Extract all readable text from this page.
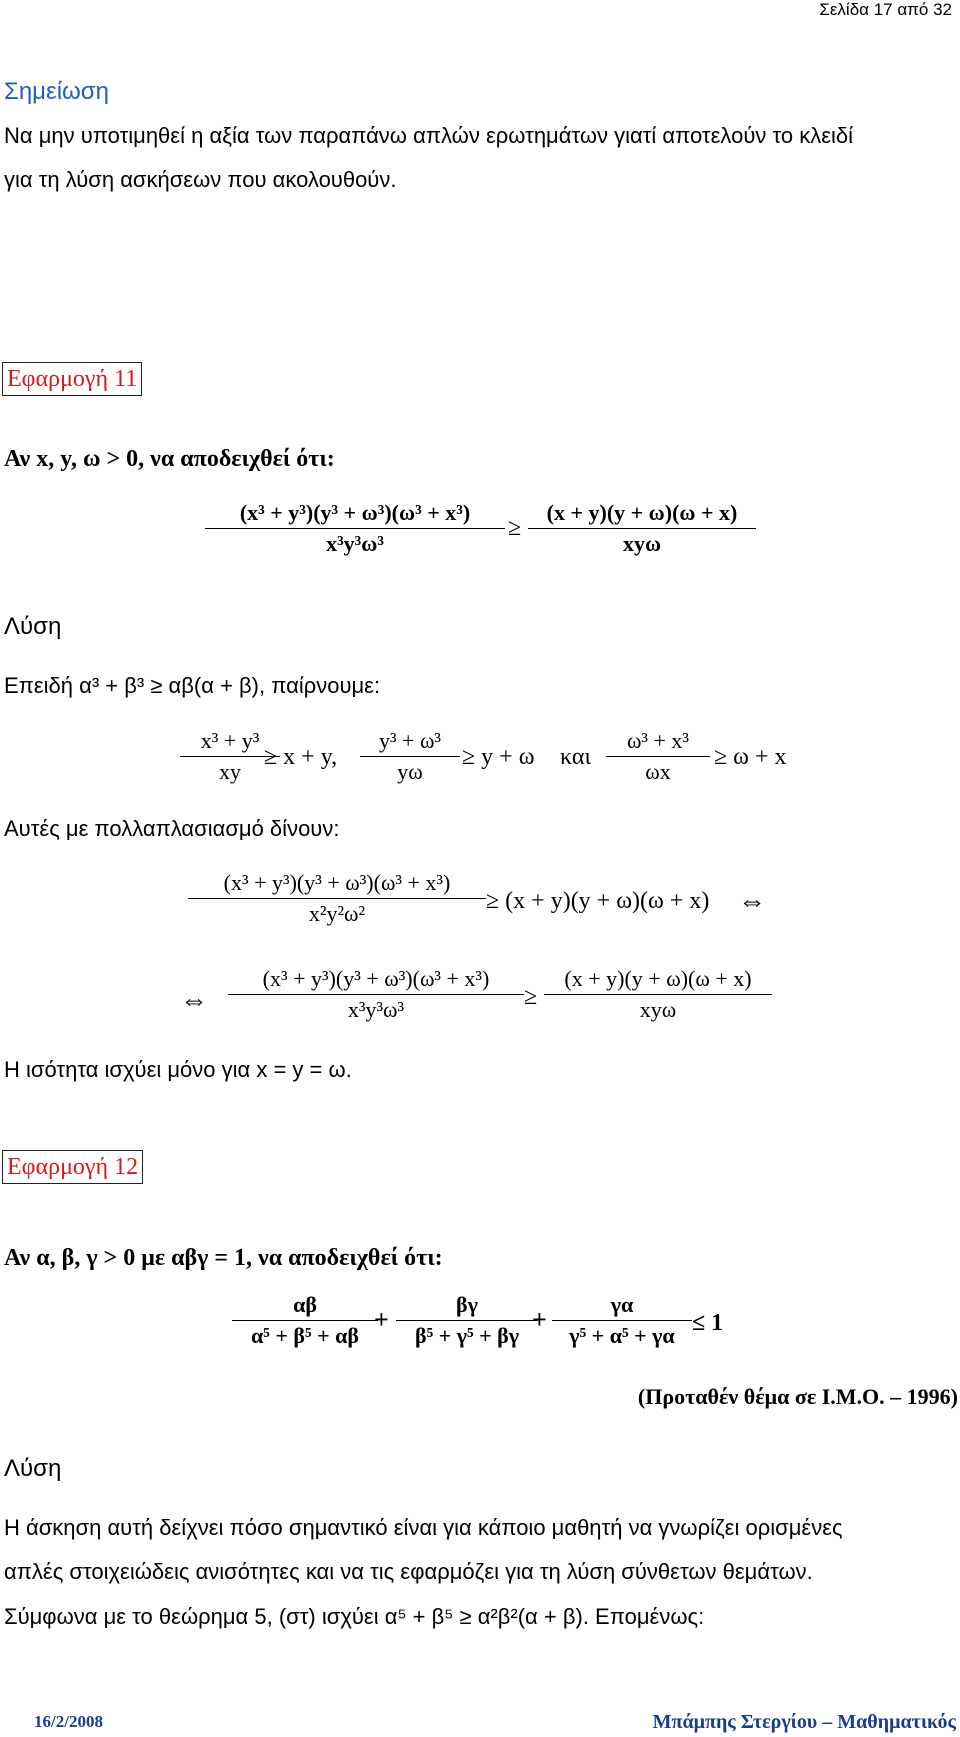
Σελίδα 17 από 32
Σημείωση
Να μην υποτιμηθεί η αξία των παραπάνω απλών ερωτημάτων γιατί αποτελούν το κλειδί
για τη λύση ασκήσεων που ακολουθούν.
Εφαρμογή 11
Αν x, y, ω > 0, να αποδειχθεί ότι:
(x³ + y³)(y³ + ω³)(ω³ + x³)
x³y³ω³
≥
(x + y)(y + ω)(ω + x)
xyω
Λύση
Επειδή α³ + β³ ≥ αβ(α + β), παίρνουμε:
x³ + y³
xy
≥ x + y,
y³ + ω³
yω
≥ y + ω και
ω³ + x³
ωx
≥ ω + x
Αυτές με πολλαπλασιασμό δίνουν:
(x³ + y³)(y³ + ω³)(ω³ + x³)
x²y²ω²	≥ (x + y)(y + ω)(ω + x) ⇔
⇔
(x³ + y³)(y³ + ω³)(ω³ + x³)
x³y³ω³	≥
(x + y)(y + ω)(ω + x)
xyω
Η ισότητα ισχύει μόνο για x = y = ω.
Εφαρμογή 12
Αν α, β, γ > 0 με αβγ = 1, να αποδειχθεί ότι:
αβ
α⁵ + β⁵ + αβ
+
βγ
β⁵ + γ⁵ + βγ
+
γα
γ⁵ + α⁵ + γα ≤ 1
(Προταθέν θέμα σε Ι.Μ.Ο. – 1996)
Λύση
Η άσκηση αυτή δείχνει πόσο σημαντικό είναι για κάποιο μαθητή να γνωρίζει ορισμένες
απλές στοιχειώδεις ανισότητες και να τις εφαρμόζει για τη λύση σύνθετων θεμάτων.
Σύμφωνα με το θεώρημα 5, (στ) ισχύει α⁵ + β⁵ ≥ α²β²(α + β). Επομένως:
16/2/2008	Μπάμπης Στεργίου – Μαθηματικός
